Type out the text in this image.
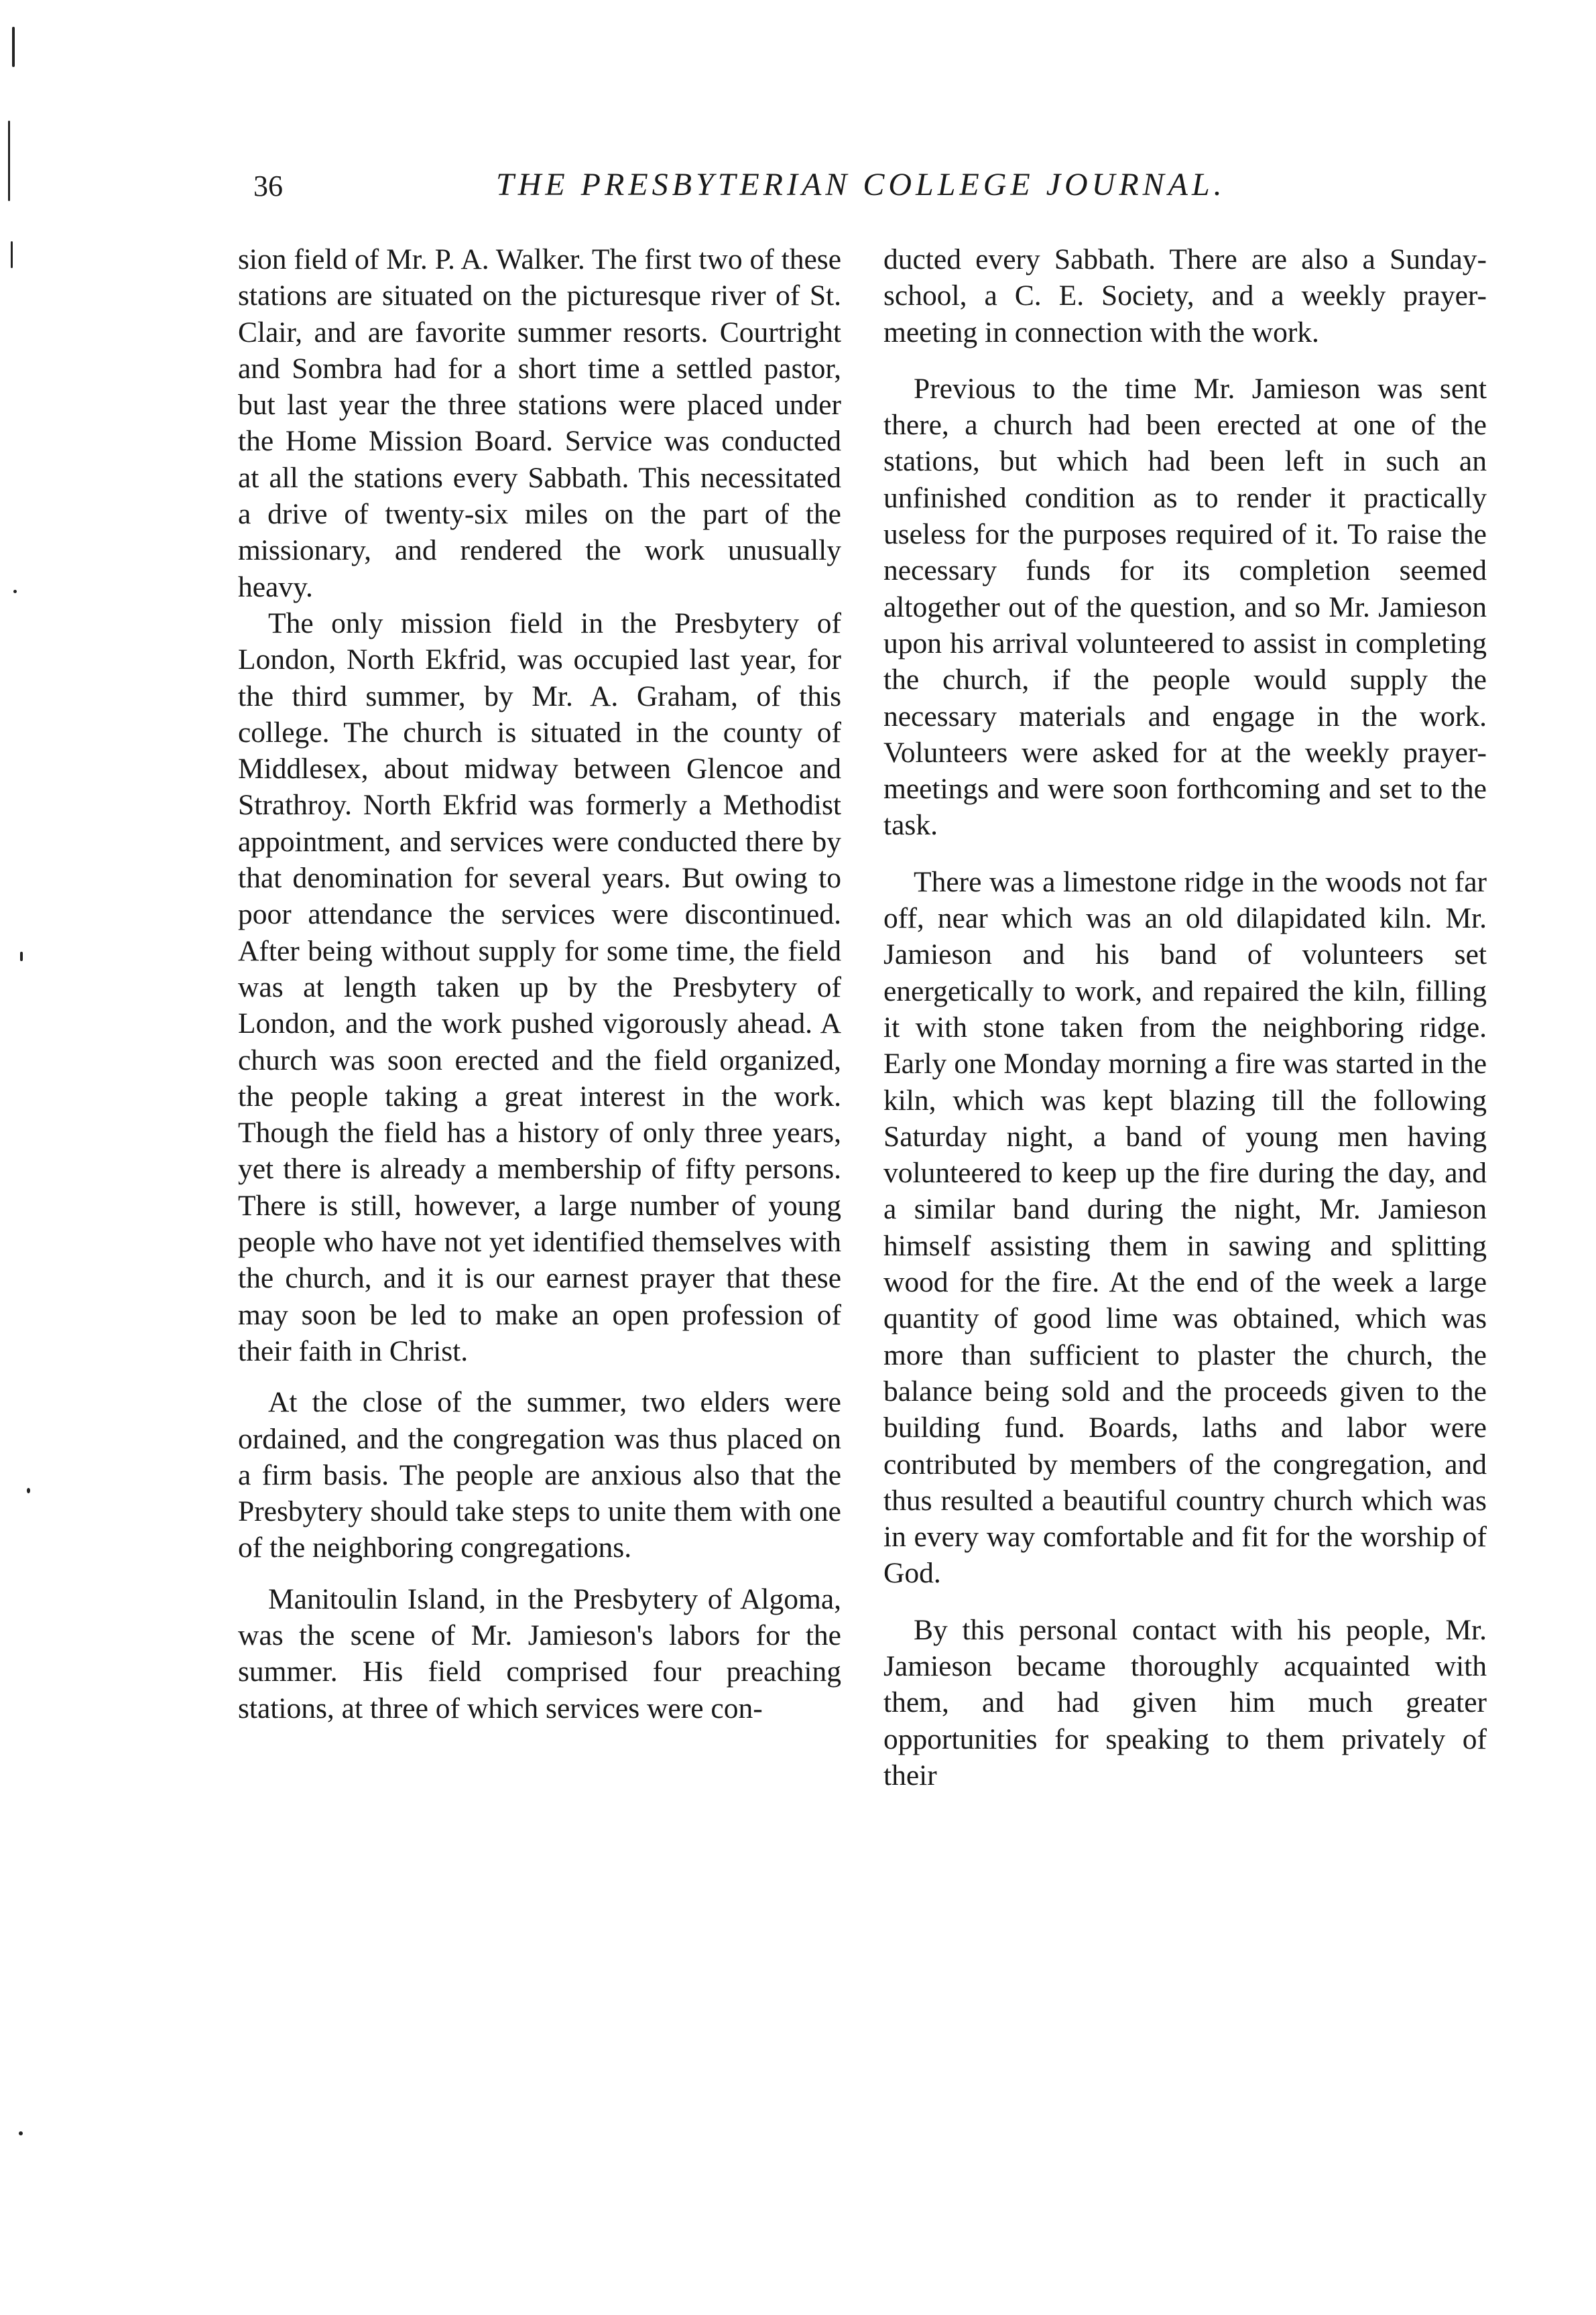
36	THE PRESBYTERIAN COLLEGE JOURNAL.

sion field of Mr. P. A. Walker. The first two of these stations are situated on the picturesque river of St. Clair, and are favorite summer resorts. Courtright and Sombra had for a short time a settled pastor, but last year the three stations were placed under the Home Mission Board. Service was conducted at all the stations every Sabbath. This necessitated a drive of twenty-six miles on the part of the missionary, and rendered the work unusually heavy.

The only mission field in the Presbytery of London, North Ekfrid, was occupied last year, for the third summer, by Mr. A. Graham, of this college. The church is situated in the county of Middlesex, about midway between Glencoe and Strathroy. North Ekfrid was formerly a Methodist appointment, and services were conducted there by that denomination for several years. But owing to poor attendance the services were discontinued. After being without supply for some time, the field was at length taken up by the Presbytery of London, and the work pushed vigorously ahead. A church was soon erected and the field organized, the people taking a great interest in the work. Though the field has a history of only three years, yet there is already a membership of fifty persons. There is still, however, a large number of young people who have not yet identified themselves with the church, and it is our earnest prayer that these may soon be led to make an open profession of their faith in Christ.

At the close of the summer, two elders were ordained, and the congregation was thus placed on a firm basis. The people are anxious also that the Presbytery should take steps to unite them with one of the neighboring congregations.

Manitoulin Island, in the Presbytery of Algoma, was the scene of Mr. Jamieson's labors for the summer. His field comprised four preaching stations, at three of which services were con-

ducted every Sabbath. There are also a Sunday-school, a C. E. Society, and a weekly prayer-meeting in connection with the work.

Previous to the time Mr. Jamieson was sent there, a church had been erected at one of the stations, but which had been left in such an unfinished condition as to render it practically useless for the purposes required of it. To raise the necessary funds for its completion seemed altogether out of the question, and so Mr. Jamieson upon his arrival volunteered to assist in completing the church, if the people would supply the necessary materials and engage in the work. Volunteers were asked for at the weekly prayer-meetings and were soon forthcoming and set to the task.

There was a limestone ridge in the woods not far off, near which was an old dilapidated kiln. Mr. Jamieson and his band of volunteers set energetically to work, and repaired the kiln, filling it with stone taken from the neighboring ridge. Early one Monday morning a fire was started in the kiln, which was kept blazing till the following Saturday night, a band of young men having volunteered to keep up the fire during the day, and a similar band during the night, Mr. Jamieson himself assisting them in sawing and splitting wood for the fire. At the end of the week a large quantity of good lime was obtained, which was more than sufficient to plaster the church, the balance being sold and the proceeds given to the building fund. Boards, laths and labor were contributed by members of the congregation, and thus resulted a beautiful country church which was in every way comfortable and fit for the worship of God.

By this personal contact with his people, Mr. Jamieson became thoroughly acquainted with them, and had given him much greater opportunities for speaking to them privately of their
